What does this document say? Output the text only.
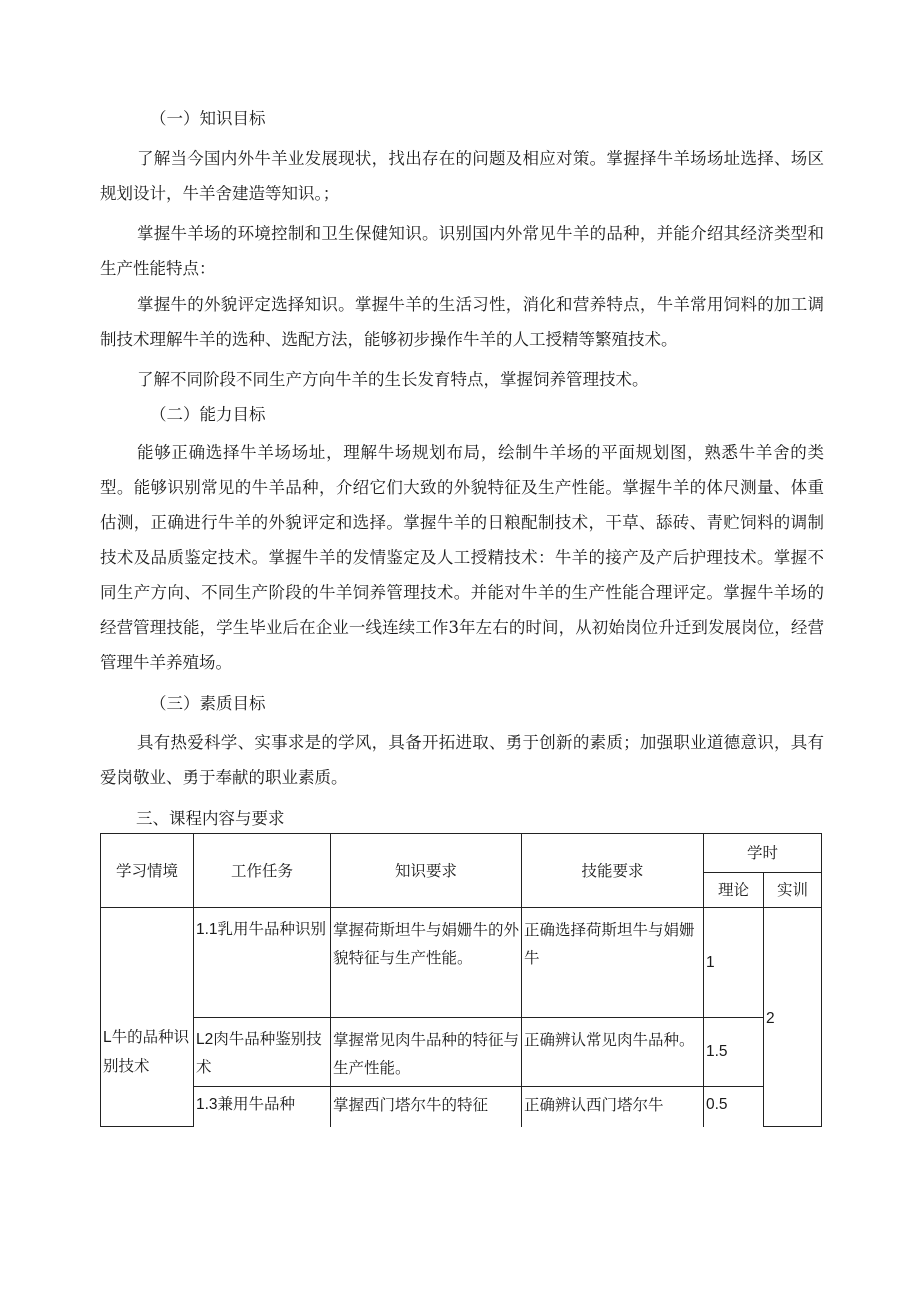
（一）知识目标

了解当今国内外牛羊业发展现状，找出存在的问题及相应对策。掌握择牛羊场场址选择、场区规划设计，牛羊舍建造等知识。；

掌握牛羊场的环境控制和卫生保健知识。识别国内外常见牛羊的品种，并能介绍其经济类型和生产性能特点：

掌握牛的外貌评定选择知识。掌握牛羊的生活习性，消化和营养特点，牛羊常用饲料的加工调制技术理解牛羊的选种、选配方法，能够初步操作牛羊的人工授精等繁殖技术。

了解不同阶段不同生产方向牛羊的生长发育特点，掌握饲养管理技术。

（二）能力目标

能够正确选择牛羊场场址，理解牛场规划布局，绘制牛羊场的平面规划图，熟悉牛羊舍的类型。能够识别常见的牛羊品种，介绍它们大致的外貌特征及生产性能。掌握牛羊的体尺测量、体重估测，正确进行牛羊的外貌评定和选择。掌握牛羊的日粮配制技术，干草、舔砖、青贮饲料的调制技术及品质鉴定技术。掌握牛羊的发情鉴定及人工授精技术：牛羊的接产及产后护理技术。掌握不同生产方向、不同生产阶段的牛羊饲养管理技术。并能对牛羊的生产性能合理评定。掌握牛羊场的经营管理技能，学生毕业后在企业一线连续工作3年左右的时间，从初始岗位升迁到发展岗位，经营管理牛羊养殖场。

（三）素质目标

具有热爱科学、实事求是的学风，具备开拓进取、勇于创新的素质；加强职业道德意识，具有爱岗敬业、勇于奉献的职业素质。

三、课程内容与要求

学习情境	工作任务	知识要求	技能要求	学时	
				理论	实训
L牛的品种识别技术	1.1乳用牛品种识别	掌握荷斯坦牛与娟姗牛的外貌特征与生产性能。	正确选择荷斯坦牛与娟姗牛	1	2
	L2肉牛品种鉴别技术	掌握常见肉牛品种的特征与生产性能。	正确辨认常见肉牛品种。	1.5	
	1.3兼用牛品种	掌握西门塔尔牛的特征	正确辨认西门塔尔牛	0.5	
